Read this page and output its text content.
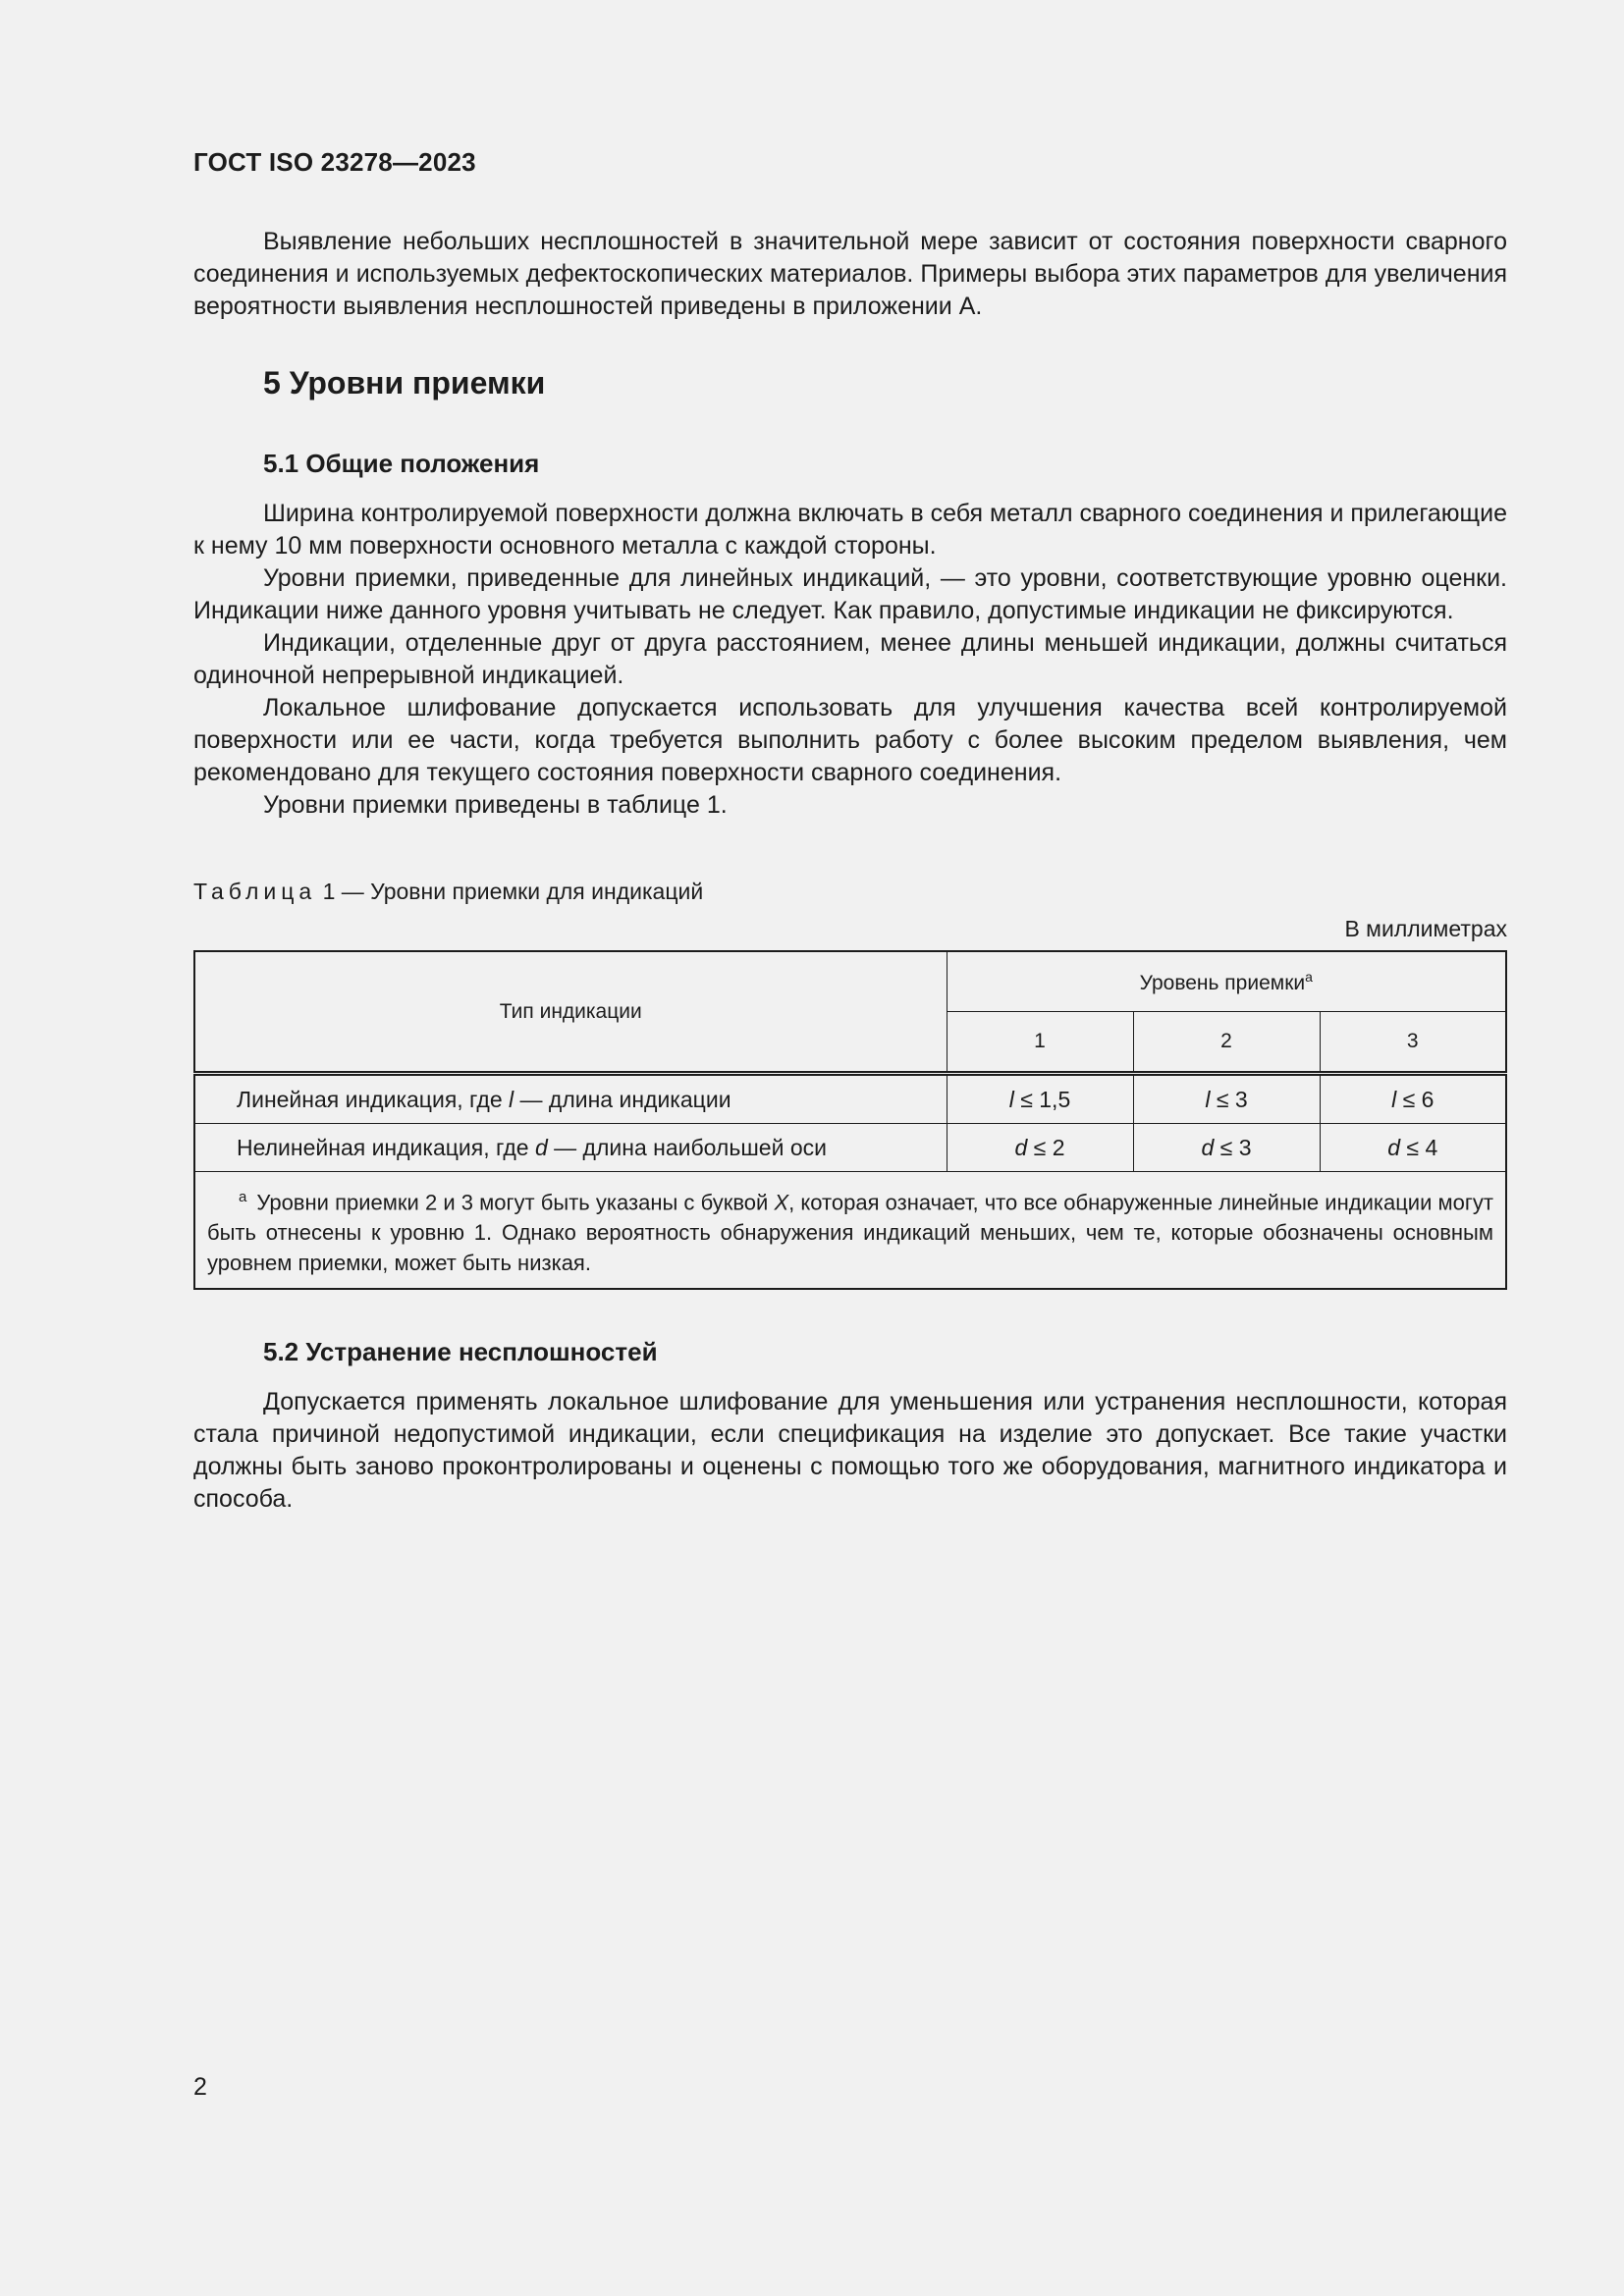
ГОСТ ISO 23278—2023

Выявление небольших несплошностей в значительной мере зависит от состояния поверхности сварного соединения и используемых дефектоскопических материалов. Примеры выбора этих параметров для увеличения вероятности выявления несплошностей приведены в приложении А.

5 Уровни приемки
5.1 Общие положения

Ширина контролируемой поверхности должна включать в себя металл сварного соединения и прилегающие к нему 10 мм поверхности основного металла с каждой стороны.

Уровни приемки, приведенные для линейных индикаций, — это уровни, соответствующие уровню оценки. Индикации ниже данного уровня учитывать не следует. Как правило, допустимые индикации не фиксируются.

Индикации, отделенные друг от друга расстоянием, менее длины меньшей индикации, должны считаться одиночной непрерывной индикацией.

Локальное шлифование допускается использовать для улучшения качества всей контролируемой поверхности или ее части, когда требуется выполнить работу с более высоким пределом выявления, чем рекомендовано для текущего состояния поверхности сварного соединения.

Уровни приемки приведены в таблице 1.

Таблица 1 — Уровни приемки для индикаций
В миллиметрах
Тип индикации	Уровень приемки$^a$
	1	2	3
Линейная индикация, где l — длина индикации	l ≤ 1,5	l ≤ 3	l ≤ 6
Нелинейная индикация, где d — длина наибольшей оси	d ≤ 2	d ≤ 3	d ≤ 4
$^a$ Уровни приемки 2 и 3 могут быть указаны с буквой X, которая означает, что все обнаруженные линейные индикации могут быть отнесены к уровню 1. Однако вероятность обнаружения индикаций меньших, чем те, которые обозначены основным уровнем приемки, может быть низкая.			
5.2 Устранение несплошностей

Допускается применять локальное шлифование для уменьшения или устранения несплошности, которая стала причиной недопустимой индикации, если спецификация на изделие это допускает. Все такие участки должны быть заново проконтролированы и оценены с помощью того же оборудования, магнитного индикатора и способа.

2
